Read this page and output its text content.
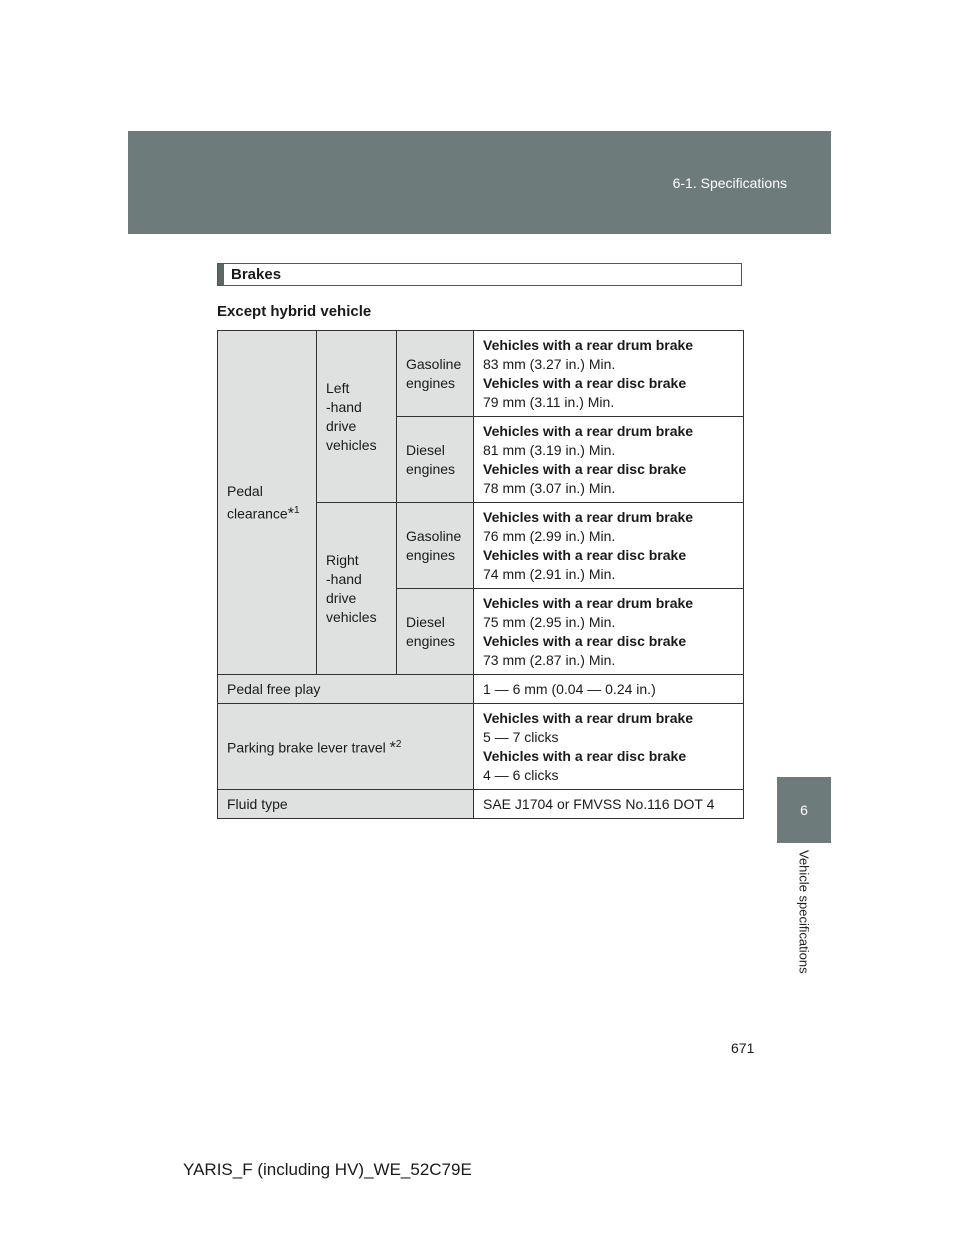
6-1. Specifications
6
Vehicle specifications
Brakes
Except hybrid vehicle
Pedal
clearance*$^1$	Left
-hand
drive
vehicles	Gasoline
engines	Vehicles with a rear drum brake
83 mm (3.27 in.) Min.
Vehicles with a rear disc brake
79 mm (3.11 in.) Min.
		Diesel
engines	Vehicles with a rear drum brake
81 mm (3.19 in.) Min.
Vehicles with a rear disc brake
78 mm (3.07 in.) Min.
	Right
-hand
drive
vehicles	Gasoline
engines	Vehicles with a rear drum brake
76 mm (2.99 in.) Min.
Vehicles with a rear disc brake
74 mm (2.91 in.) Min.
		Diesel
engines	Vehicles with a rear drum brake
75 mm (2.95 in.) Min.
Vehicles with a rear disc brake
73 mm (2.87 in.) Min.
Pedal free play			1 — 6 mm (0.04 — 0.24 in.)
Parking brake lever travel *$^2$			Vehicles with a rear drum brake
5 — 7 clicks
Vehicles with a rear disc brake
4 — 6 clicks
Fluid type			SAE J1704 or FMVSS No.116 DOT 4
671
YARIS_F (including HV)_WE_52C79E
